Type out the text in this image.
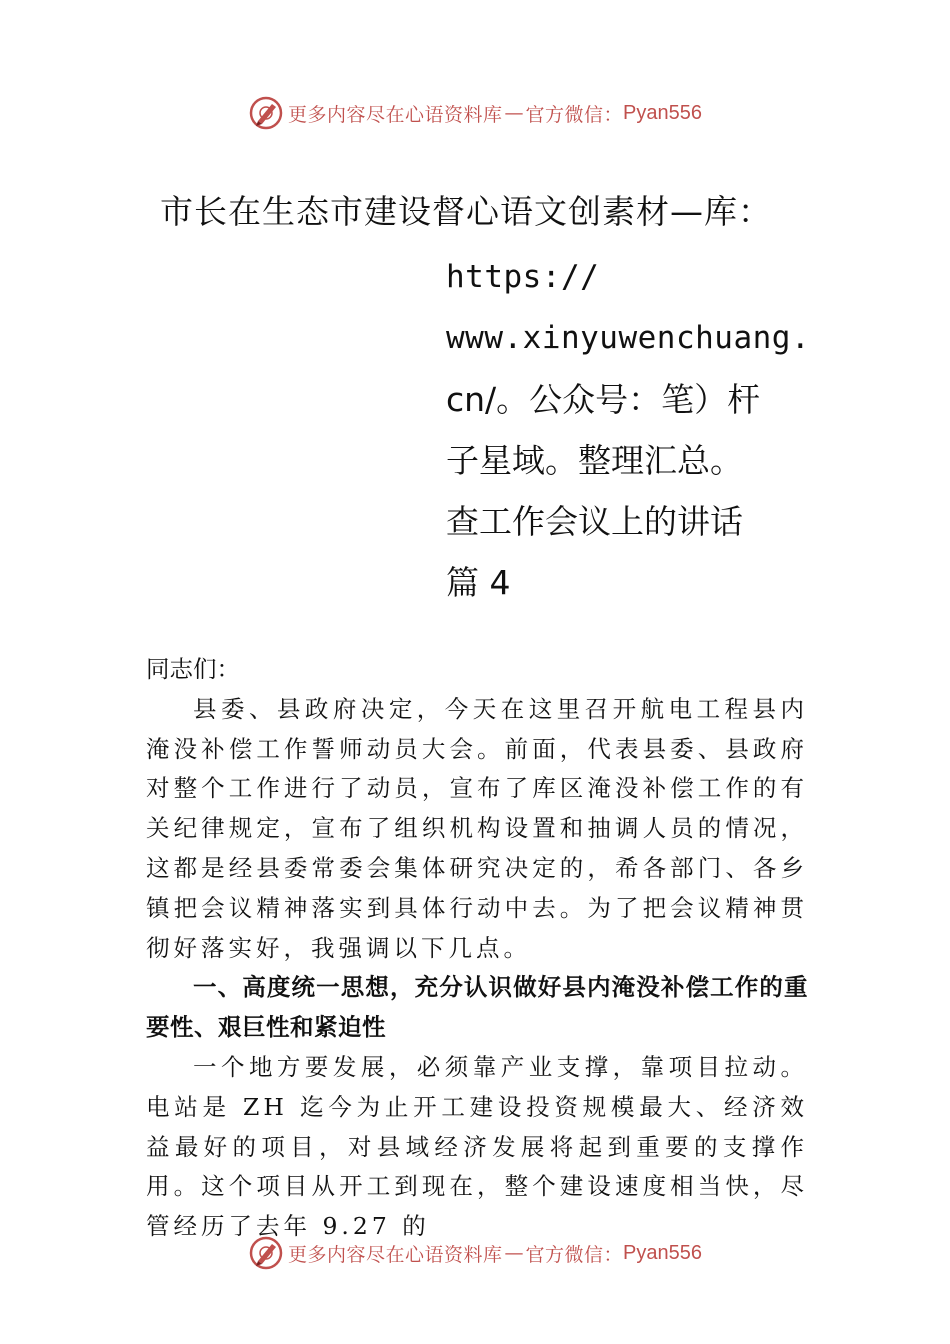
更多内容尽在心语资料库 — 官方微信： Pyan556
市长在生态市建设督心语文创素材—库：
https://
www.xinyuwenchuang.
cn/。公众号：笔）杆
子星域。整理汇总。
查工作会议上的讲话
篇 4

同志们：

县委、县政府决定，今天在这里召开航电工程县内淹没补偿工作誓师动员大会。前面，代表县委、县政府对整个工作进行了动员，宣布了库区淹没补偿工作的有关纪律规定，宣布了组织机构设置和抽调人员的情况，这都是经县委常委会集体研究决定的，希各部门、各乡镇把会议精神落实到具体行动中去。为了把会议精神贯彻好落实好，我强调以下几点。

一、高度统一思想，充分认识做好县内淹没补偿工作的重要性、艰巨性和紧迫性

一个地方要发展，必须靠产业支撑，靠项目拉动。电站是 ZH 迄今为止开工建设投资规模最大、经济效益最好的项目，对县域经济发展将起到重要的支撑作用。这个项目从开工到现在，整个建设速度相当快，尽管经历了去年 9.27 的

更多内容尽在心语资料库 — 官方微信： Pyan556
